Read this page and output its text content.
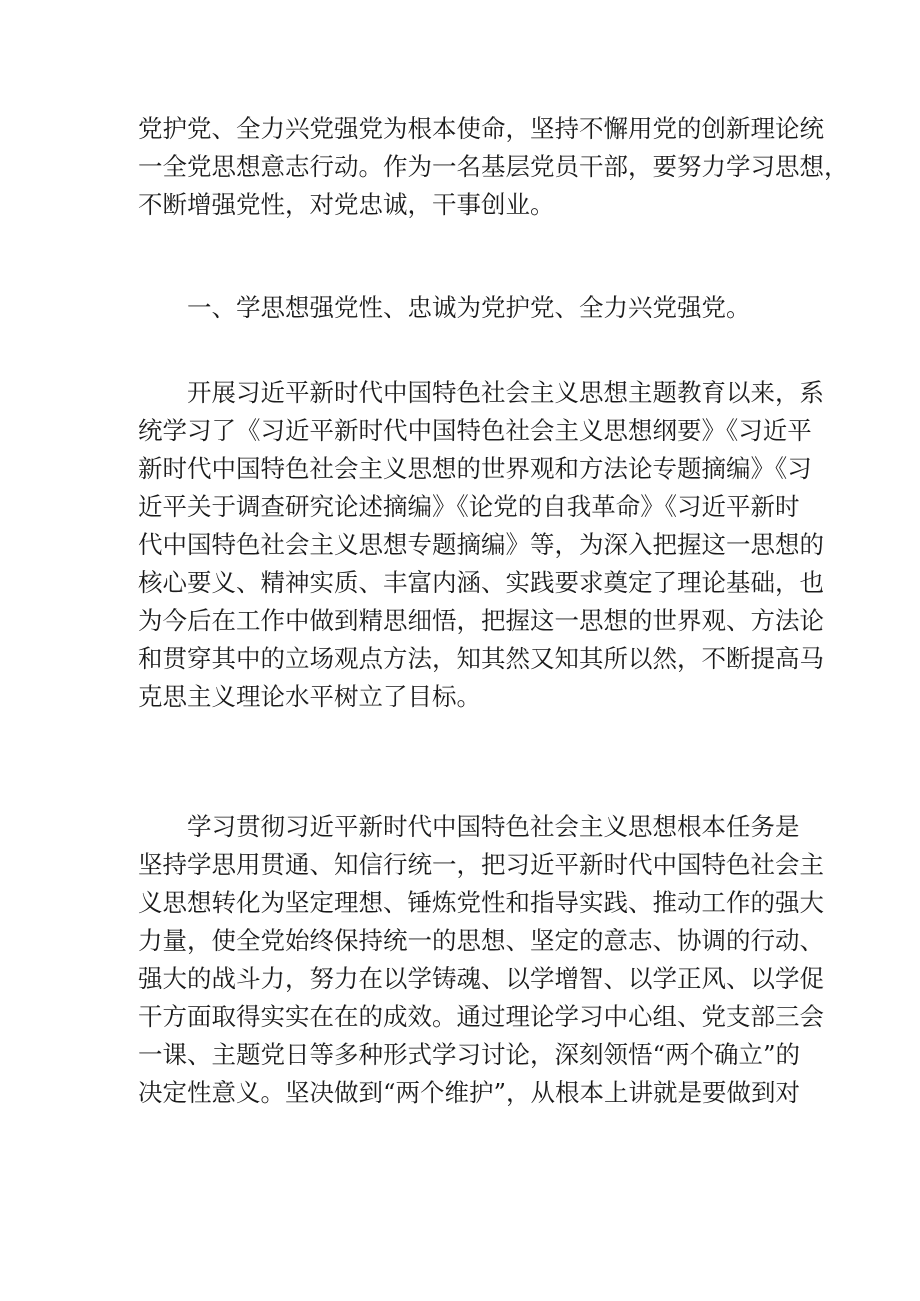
党护党、全力兴党强党为根本使命，坚持不懈用党的创新理论统
一全党思想意志行动。作为一名基层党员干部，要努力学习思想，
不断增强党性，对党忠诚，干事创业。
一、学思想强党性、忠诚为党护党、全力兴党强党。
开展习近平新时代中国特色社会主义思想主题教育以来，系
统学习了《习近平新时代中国特色社会主义思想纲要》《习近平
新时代中国特色社会主义思想的世界观和方法论专题摘编》《习
近平关于调查研究论述摘编》《论党的自我革命》《习近平新时
代中国特色社会主义思想专题摘编》等，为深入把握这一思想的
核心要义、精神实质、丰富内涵、实践要求奠定了理论基础，也
为今后在工作中做到精思细悟，把握这一思想的世界观、方法论
和贯穿其中的立场观点方法，知其然又知其所以然，不断提高马
克思主义理论水平树立了目标。
学习贯彻习近平新时代中国特色社会主义思想根本任务是
坚持学思用贯通、知信行统一，把习近平新时代中国特色社会主
义思想转化为坚定理想、锤炼党性和指导实践、推动工作的强大
力量，使全党始终保持统一的思想、坚定的意志、协调的行动、
强大的战斗力，努力在以学铸魂、以学增智、以学正风、以学促
干方面取得实实在在的成效。通过理论学习中心组、党支部三会
一课、主题党日等多种形式学习讨论，深刻领悟“两个确立”的
决定性意义。坚决做到“两个维护”，从根本上讲就是要做到对
